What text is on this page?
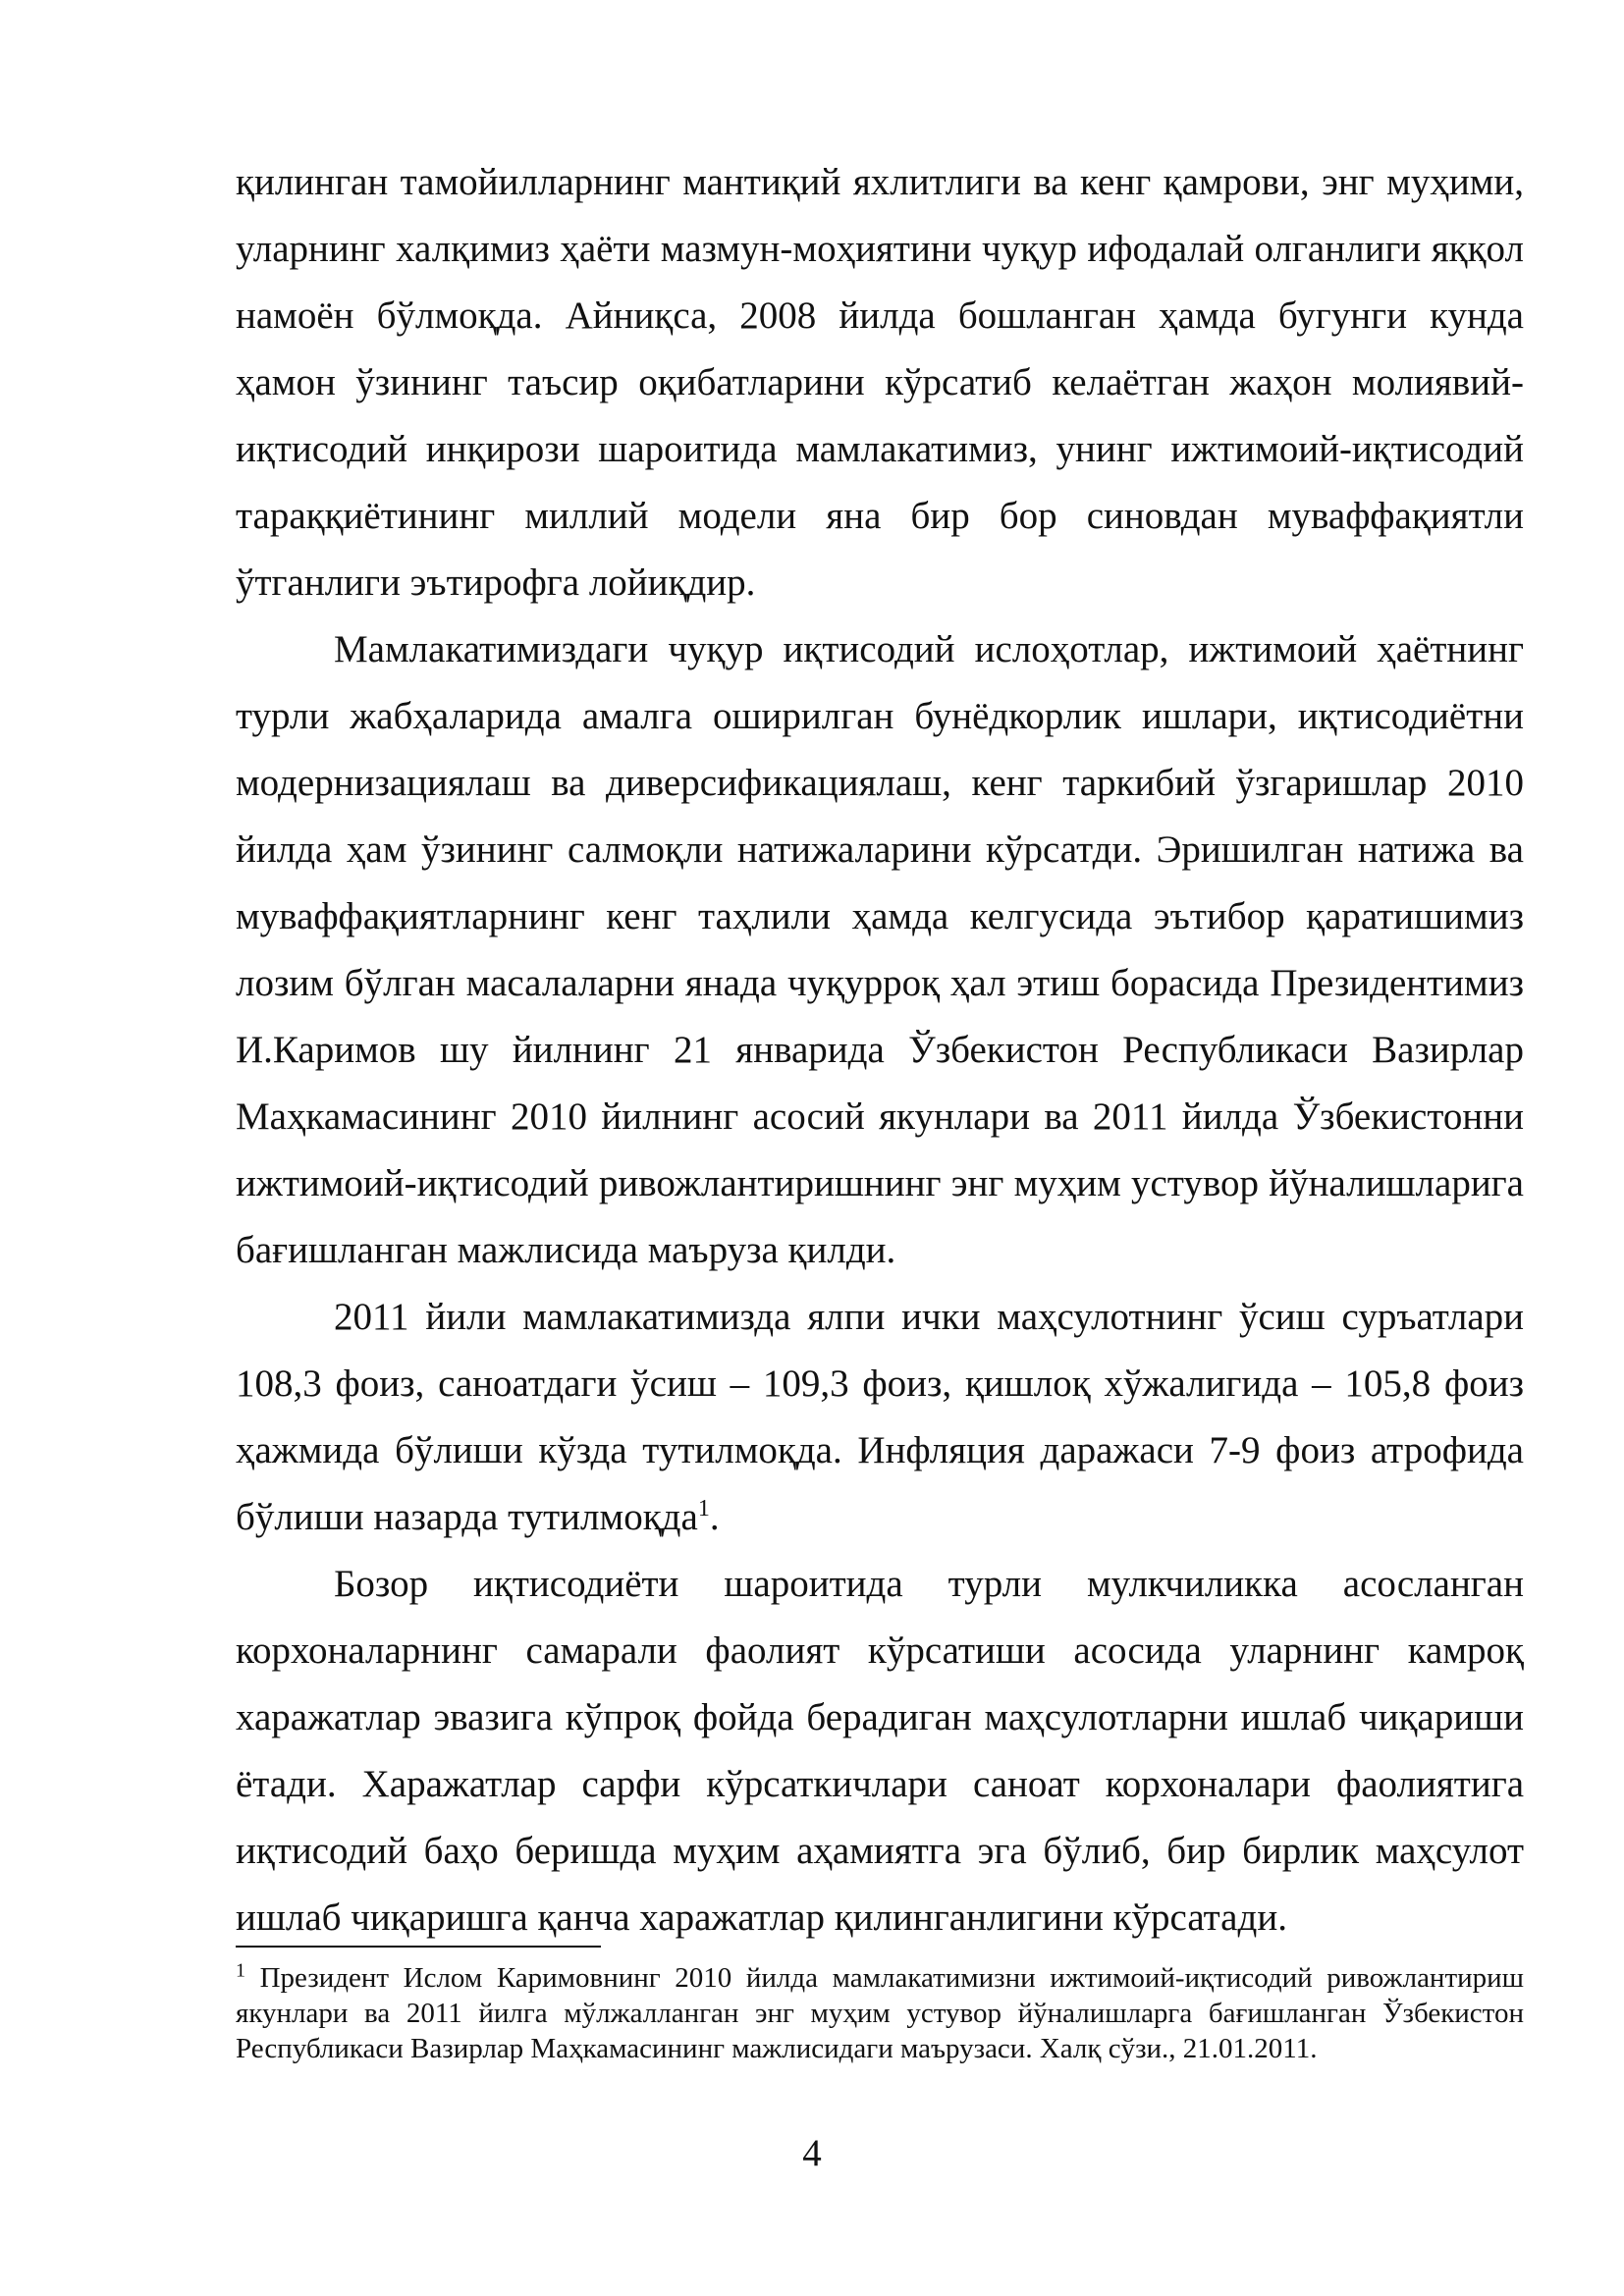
қилинган тамойилларнинг мантиқий яхлитлиги ва кенг қамрови, энг муҳими, уларнинг халқимиз ҳаёти мазмун-моҳиятини чуқур ифодалай олганлиги яққол намоён бўлмоқда. Айниқса, 2008 йилда бошланган ҳамда бугунги кунда ҳамон ўзининг таъсир оқибатларини кўрсатиб келаётган жаҳон молиявий-иқтисодий инқирози шароитида мамлакатимиз, унинг ижтимоий-иқтисодий тараққиётининг миллий модели яна бир бор синовдан муваффақиятли ўтганлиги эътирофга лойиқдир.

Мамлакатимиздаги чуқур иқтисодий ислоҳотлар, ижтимоий ҳаётнинг турли жабҳаларида амалга оширилган бунёдкорлик ишлари, иқтисодиётни модернизациялаш ва диверсификациялаш, кенг таркибий ўзгаришлар 2010 йилда ҳам ўзининг салмоқли натижаларини кўрсатди. Эришилган натижа ва муваффақиятларнинг кенг таҳлили ҳамда келгусида эътибор қаратишимиз лозим бўлган масалаларни янада чуқурроқ ҳал этиш борасида Президентимиз И.Каримов шу йилнинг 21 январида Ўзбекистон Республикаси Вазирлар Маҳкамасининг 2010 йилнинг асосий якунлари ва 2011 йилда Ўзбекистонни ижтимоий-иқтисодий ривожлантиришнинг энг муҳим устувор йўналишларига бағишланган мажлисида маъруза қилди.

2011 йили мамлакатимизда ялпи ички маҳсулотнинг ўсиш суръатлари 108,3 фоиз, саноатдаги ўсиш – 109,3 фоиз, қишлоқ хўжалигида – 105,8 фоиз ҳажмида бўлиши кўзда тутилмоқда. Инфляция даражаси 7-9 фоиз атрофида бўлиши назарда тутилмоқда$^1$.

Бозор иқтисодиёти шароитида турли мулкчиликка асосланган корхоналарнинг самарали фаолият кўрсатиши асосида уларнинг камроқ харажатлар эвазига кўпроқ фойда берадиган маҳсулотларни ишлаб чиқариши ётади. Харажатлар сарфи кўрсаткичлари саноат корхоналари фаолиятига иқтисодий баҳо беришда муҳим аҳамиятга эга бўлиб, бир бирлик маҳсулот ишлаб чиқаришга қанча харажатлар қилинганлигини кўрсатади.

$^1$ Президент Ислом Каримовнинг 2010 йилда мамлакатимизни ижтимоий-иқтисодий ривожлантириш якунлари ва 2011 йилга мўлжалланган энг муҳим устувор йўналишларга бағишланган Ўзбекистон Республикаси Вазирлар Маҳкамасининг мажлисидаги маърузаси. Халқ сўзи., 21.01.2011.

4
